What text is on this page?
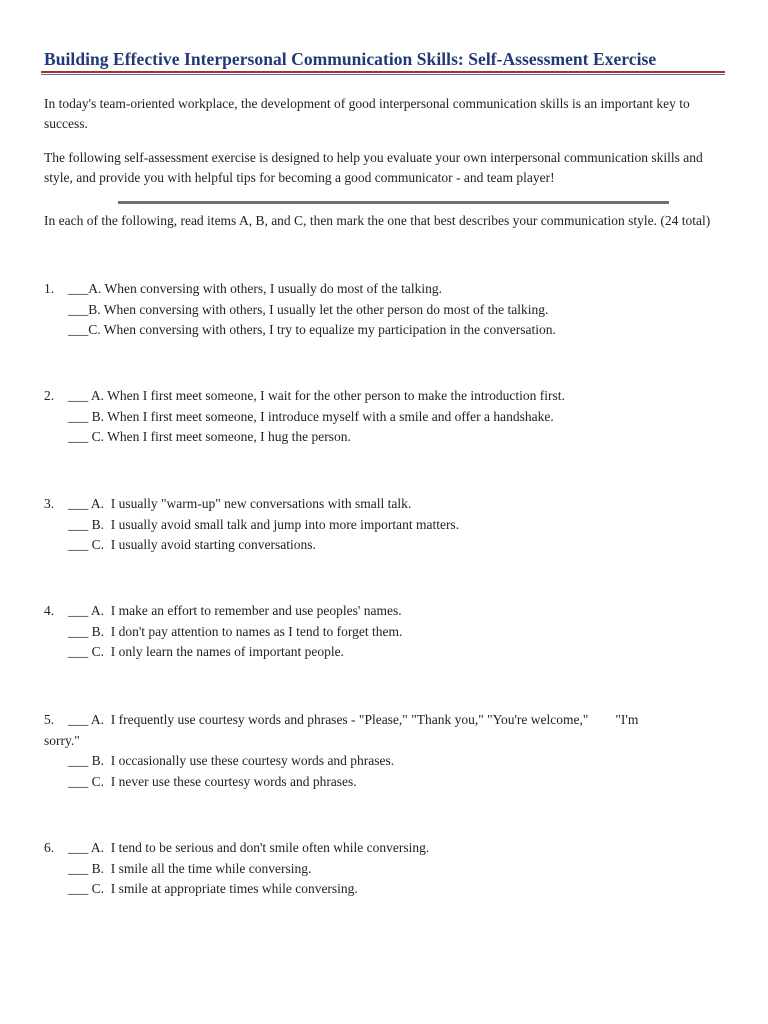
Building Effective Interpersonal Communication Skills: Self-Assessment Exercise
In today's team-oriented workplace, the development of good interpersonal communication skills is an important key to success.
The following self-assessment exercise is designed to help you evaluate your own interpersonal communication skills and style, and provide you with helpful tips for becoming a good communicator - and team player!
In each of the following, read items A, B, and C, then mark the one that best describes your communication style. (24 total)
1.	___A. When conversing with others, I usually do most of the talking.
___B. When conversing with others, I usually let the other person do most of the talking.
___C. When conversing with others, I try to equalize my participation in the conversation.
2.	___ A. When I first meet someone, I wait for the other person to make the introduction first.
___ B. When I first meet someone, I introduce myself with a smile and offer a handshake.
___ C. When I first meet someone, I hug the person.
3.	___ A.  I usually "warm-up" new conversations with small talk.
___ B.  I usually avoid small talk and jump into more important matters.
___ C.  I usually avoid starting conversations.
4.	___ A.  I make an effort to remember and use peoples' names.
___ B.  I don't pay attention to names as I tend to forget them.
___ C.  I only learn the names of important people.
5.	___ A.  I frequently use courtesy words and phrases - "Please," "Thank you," "You're welcome,"        "I'm
sorry."
___ B.  I occasionally use these courtesy words and phrases.
___ C.  I never use these courtesy words and phrases.
6.	___ A.  I tend to be serious and don't smile often while conversing.
___ B.  I smile all the time while conversing.
___ C.  I smile at appropriate times while conversing.
